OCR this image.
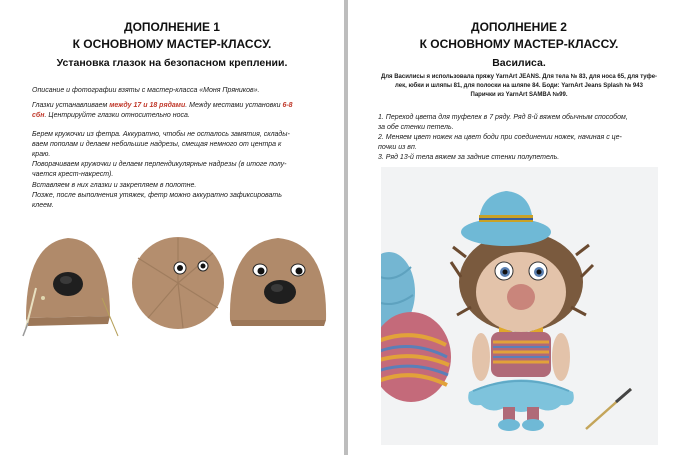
ДОПОЛНЕНИЕ 1
К ОСНОВНОМУ МАСТЕР-КЛАССУ.
Установка глазок на безопасном креплении.
Описание и фотографии взяты с мастер-класса «Моня Пряников».
Глазки устанавливаем между 17 и 18 рядами. Между местами установки 6-8
сбн. Центрируйте глазки относительно носа.
Берем кружочки из фетра. Аккуратно, чтобы не осталось замятия, склады-
ваем пополам и делаем небольшие надрезы, смещая немного от центра к
краю.
Поворачиваем кружочки и делаем перпендикулярные надрезы (в итоге полу-
чается крест-накрест).
Вставляем в них глазки и закрепляем в полотне.
Позже, после выполнения утяжек, фетр можно аккуратно зафиксировать
клеем.
ДОПОЛНЕНИЕ 2
К ОСНОВНОМУ МАСТЕР-КЛАССУ.
Василиса.
Для Василисы я использовала пряжу YarnArt JEANS. Для тела № 83, для носа 65, для туфе-
лек, юбки и шляпы 81, для полоски на шляпе 84. Боди: YarnArt Jeans Splash № 943
Парички из YarnArt SAMBA №99.
1. Переход цвета для туфелек в 7 ряду. Ряд 8-й вяжем обычным способом,
за обе стенки петель.
2. Меняем цвет ножек на цвет боди при соединении ножек, начиная с це-
почки из вп.
3. Ряд 13-й тела вяжем за задние стенки полупетель.
